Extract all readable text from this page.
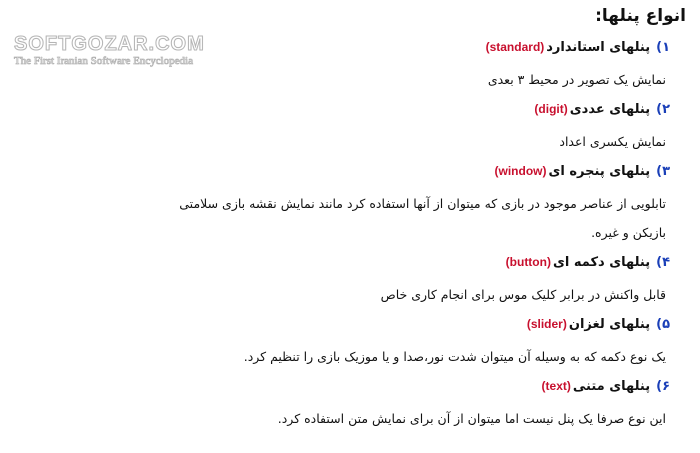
SOFTGOZAR.COM
The First Iranian Software Encyclopedia
انواع پنلها:
۱)پنلهای استاندارد(standard)
نمایش یک تصویر در محیط ۳ بعدی
۲)پنلهای عددی(digit)
نمایش یکسری اعداد
۳)پنلهای پنجره ای(window)
تابلویی از عناصر موجود در بازی که میتوان از آنها استفاده کرد مانند نمایش نقشه بازی سلامتی بازیکن و غیره.
۴)پنلهای دکمه ای(button)
قابل واکنش در برابر کلیک موس برای انجام کاری خاص
۵)پنلهای لغزان(slider)
یک نوع دکمه که به وسیله آن میتوان شدت نور،صدا و یا موزیک بازی را تنظیم کرد.
۶)پنلهای متنی(text)
این نوع صرفا یک پنل نیست اما میتوان از آن برای نمایش متن استفاده کرد.
